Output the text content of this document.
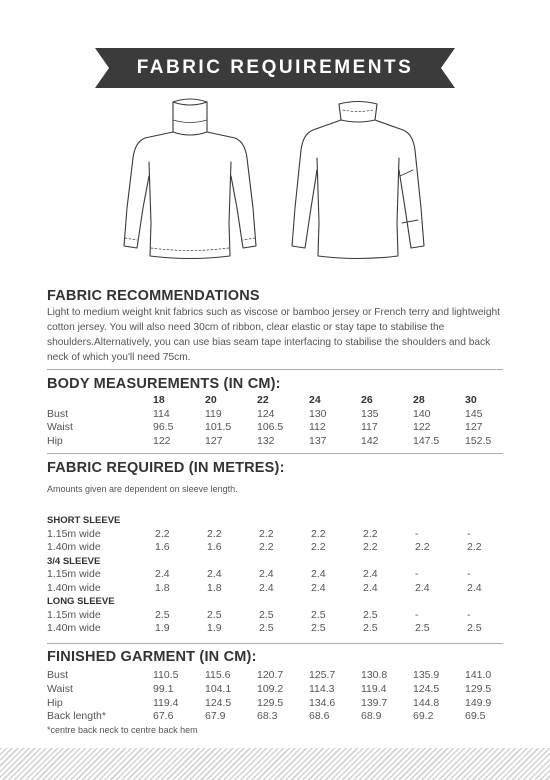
FABRIC REQUIREMENTS
FABRIC RECOMMENDATIONS
Light to medium weight knit fabrics such as viscose or bamboo jersey or French terry and lightweight cotton jersey. You will also need 30cm of ribbon, clear elastic or stay tape to stabilise the shoulders.Alternatively, you can use bias seam tape interfacing to stabilise the shoulders and back neck of which you'll need 75cm.
BODY MEASUREMENTS (IN CM):
	18	20	22	24	26	28	30
Bust	114	119	124	130	135	140	145
Waist	96.5	101.5	106.5	112	117	122	127
Hip	122	127	132	137	142	147.5	152.5
FABRIC REQUIRED (IN METRES):
Amounts given are dependent on sleeve length.
SHORT SLEEVE							
1.15m wide	2.2	2.2	2.2	2.2	2.2	-	-
1.40m wide	1.6	1.6	2.2	2.2	2.2	2.2	2.2
3/4 SLEEVE							
1.15m wide	2.4	2.4	2.4	2.4	2.4	-	-
1.40m wide	1.8	1.8	2.4	2.4	2.4	2.4	2.4
LONG SLEEVE							
1.15m wide	2.5	2.5	2.5	2.5	2.5	-	-
1.40m wide	1.9	1.9	2.5	2.5	2.5	2.5	2.5
FINISHED GARMENT (IN CM):
Bust	110.5	115.6	120.7	125.7	130.8	135.9	141.0
Waist	99.1	104.1	109.2	114.3	119.4	124.5	129.5
Hip	119.4	124.5	129.5	134.6	139.7	144.8	149.9
Back length*	67.6	67.9	68.3	68.6	68.9	69.2	69.5
*centre back neck to centre back hem
